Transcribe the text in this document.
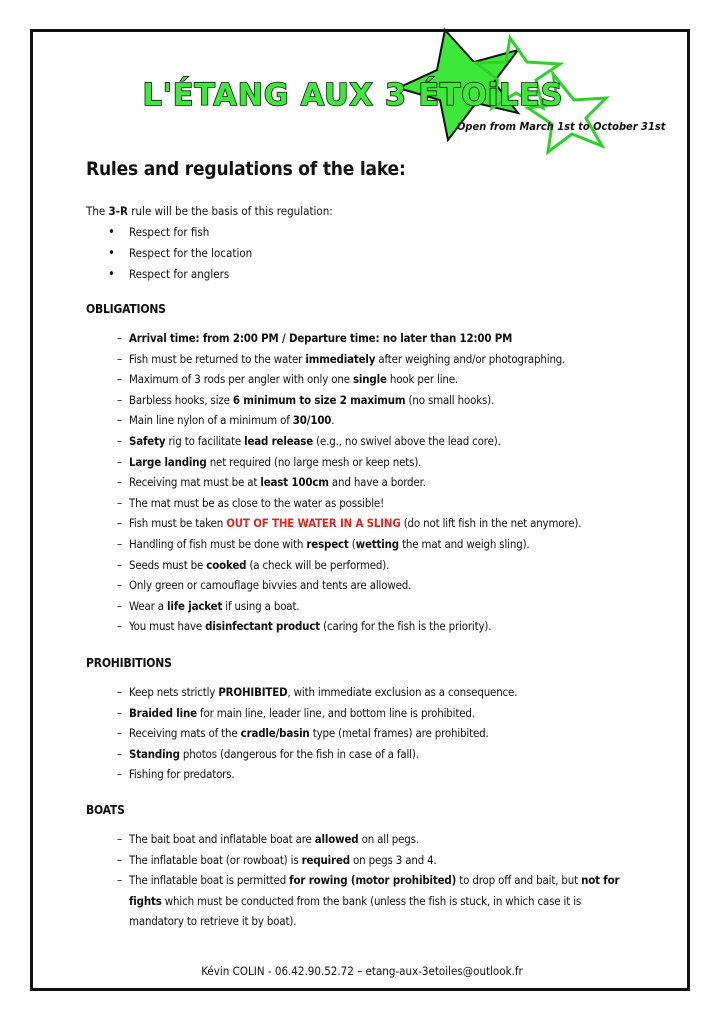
L'ÉTANG AUX 3 ÉTOiLES
Open from March 1st to October 31st
Rules and regulations of the lake:
The 3-R rule will be the basis of this regulation:
• Respect for fish
• Respect for the location
• Respect for anglers
OBLIGATIONS
– Arrival time: from 2:00 PM / Departure time: no later than 12:00 PM
– Fish must be returned to the water immediately after weighing and/or photographing.
– Maximum of 3 rods per angler with only one single hook per line.
– Barbless hooks, size 6 minimum to size 2 maximum (no small hooks).
– Main line nylon of a minimum of 30/100.
– Safety rig to facilitate lead release (e.g., no swivel above the lead core).
– Large landing net required (no large mesh or keep nets).
– Receiving mat must be at least 100cm and have a border.
– The mat must be as close to the water as possible!
– Fish must be taken OUT OF THE WATER IN A SLING (do not lift fish in the net anymore).
– Handling of fish must be done with respect (wetting the mat and weigh sling).
– Seeds must be cooked (a check will be performed).
– Only green or camouflage bivvies and tents are allowed.
– Wear a life jacket if using a boat.
– You must have disinfectant product (caring for the fish is the priority).
PROHIBITIONS
– Keep nets strictly PROHIBITED, with immediate exclusion as a consequence.
– Braided line for main line, leader line, and bottom line is prohibited.
– Receiving mats of the cradle/basin type (metal frames) are prohibited.
– Standing photos (dangerous for the fish in case of a fall).
– Fishing for predators.
BOATS
– The bait boat and inflatable boat are allowed on all pegs.
– The inflatable boat (or rowboat) is required on pegs 3 and 4.
– The inflatable boat is permitted for rowing (motor prohibited) to drop off and bait, but not for fights which must be conducted from the bank (unless the fish is stuck, in which case it is mandatory to retrieve it by boat).
Kévin COLIN - 06.42.90.52.72 – etang-aux-3etoiles@outlook.fr
